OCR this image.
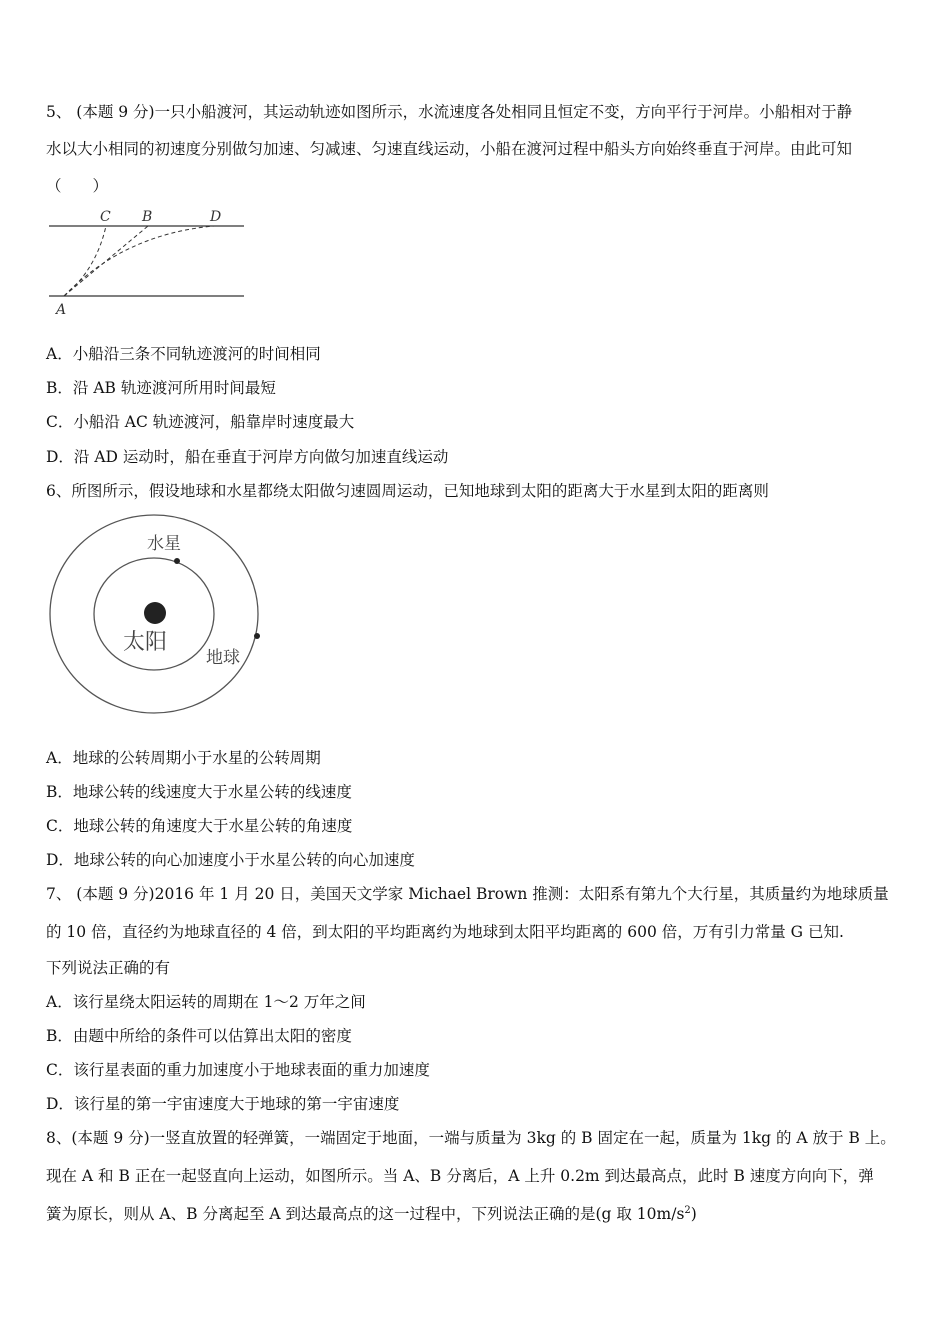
5、 (本题 9 分)一只小船渡河，其运动轨迹如图所示，水流速度各处相同且恒定不变，方向平行于河岸。小船相对于静
水以大小相同的初速度分别做匀加速、匀减速、匀速直线运动，小船在渡河过程中船头方向始终垂直于河岸。由此可知
（　　）
C B	D
A
A．小船沿三条不同轨迹渡河的时间相同
B．沿 AB 轨迹渡河所用时间最短
C．小船沿 AC 轨迹渡河，船靠岸时速度最大
D．沿 AD 运动时，船在垂直于河岸方向做匀加速直线运动
6、所图所示，假设地球和水星都绕太阳做匀速圆周运动，已知地球到太阳的距离大于水星到太阳的距离则
水星
太阳
地球
A．地球的公转周期小于水星的公转周期
B．地球公转的线速度大于水星公转的线速度
C．地球公转的角速度大于水星公转的角速度
D．地球公转的向心加速度小于水星公转的向心加速度
7、 (本题 9 分)2016 年 1 月 20 日，美国天文学家 Michael Brown 推测：太阳系有第九个大行星，其质量约为地球质量
的 10 倍，直径约为地球直径的 4 倍，到太阳的平均距离约为地球到太阳平均距离的 600 倍，万有引力常量 G 已知.
下列说法正确的有
A．该行星绕太阳运转的周期在 1～2 万年之间
B．由题中所给的条件可以估算出太阳的密度
C．该行星表面的重力加速度小于地球表面的重力加速度
D．该行星的第一宇宙速度大于地球的第一宇宙速度
8、(本题 9 分)一竖直放置的轻弹簧，一端固定于地面，一端与质量为 3kg 的 B 固定在一起，质量为 1kg 的 A 放于 B 上。
现在 A 和 B 正在一起竖直向上运动，如图所示。当 A、B 分离后，A 上升 0.2m 到达最高点，此时 B 速度方向向下，弹
簧为原长，则从 A、B 分离起至 A 到达最高点的这一过程中，下列说法正确的是(g 取 $10m/s^2$)
